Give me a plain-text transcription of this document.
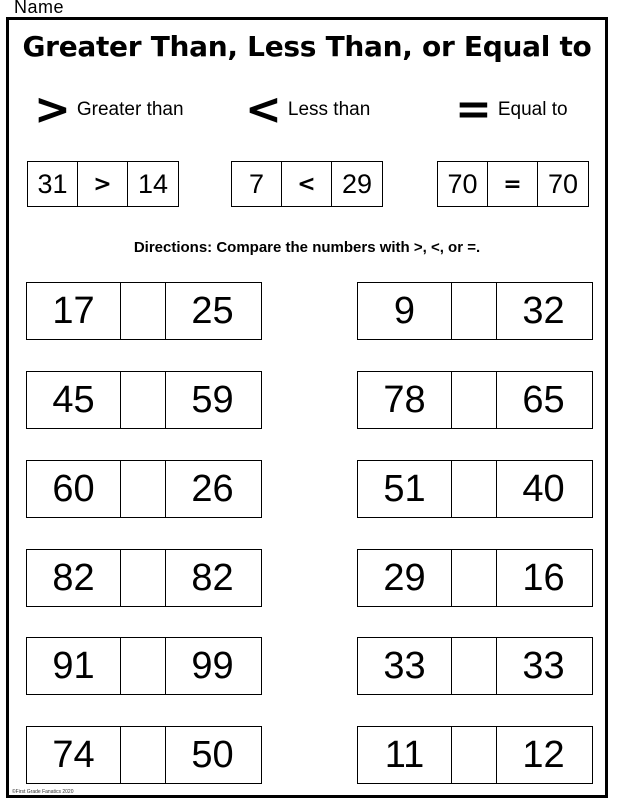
Name
Greater Than, Less Than, or Equal to
> Greater than < Less than = Equal to
31	> 14	7	< 29	70	= 70
Directions: Compare the numbers with >, <, or =.
17	25	9	32
45	59	78	65
60	26	51	40
82	82	29	16
91	99	33	33
74	50	11	12
©First Grade Fanatics 2020
